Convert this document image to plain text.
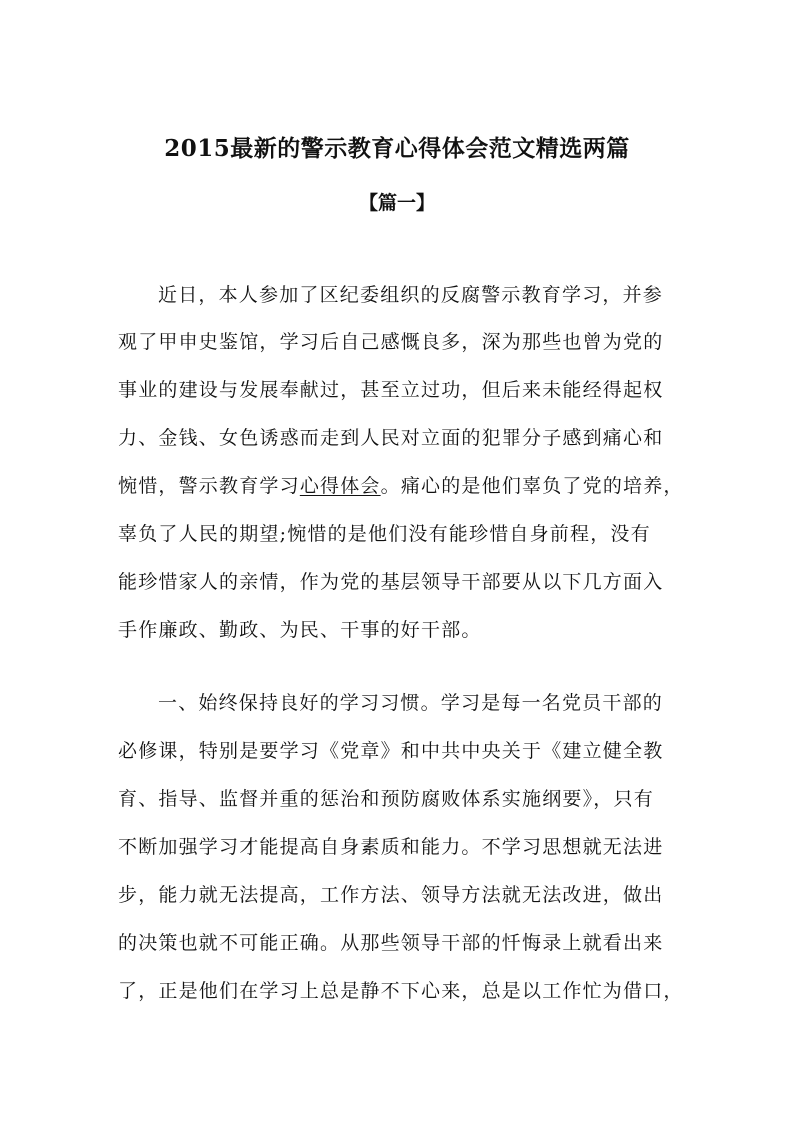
2015最新的警示教育心得体会范文精选两篇
【篇一】
近日，本人参加了区纪委组织的反腐警示教育学习，并参
观了甲申史鉴馆，学习后自己感慨良多，深为那些也曾为党的
事业的建设与发展奉献过，甚至立过功，但后来未能经得起权
力、金钱、女色诱惑而走到人民对立面的犯罪分子感到痛心和
惋惜，警示教育学习心得体会。痛心的是他们辜负了党的培养，
辜负了人民的期望;惋惜的是他们没有能珍惜自身前程，没有
能珍惜家人的亲情，作为党的基层领导干部要从以下几方面入
手作廉政、勤政、为民、干事的好干部。
一、始终保持良好的学习习惯。学习是每一名党员干部的
必修课，特别是要学习《党章》和中共中央关于《建立健全教
育、指导、监督并重的惩治和预防腐败体系实施纲要》，只有
不断加强学习才能提高自身素质和能力。不学习思想就无法进
步，能力就无法提高，工作方法、领导方法就无法改进，做出
的决策也就不可能正确。从那些领导干部的忏悔录上就看出来
了，正是他们在学习上总是静不下心来，总是以工作忙为借口，
